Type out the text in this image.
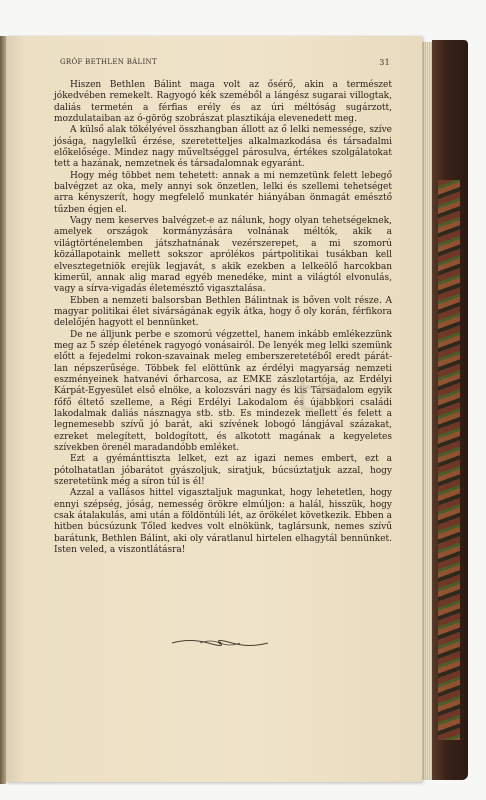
GRÓF BETHLEN BÁLINT	31

Hiszen Bethlen Bálint maga volt az ősérő, akin a természet jókedvében remekelt. Ragyogó kék szeméből a lángész sugarai villogtak, daliás termetén a férfias erély és az úri méltóság sugárzott, mozdulataiban az ó-görög szobrászat plasztikája elevenedett meg.

A külső alak tökélyével összhangban állott az ő lelki nemessége, szíve jósága, nagylelkű érzése, szeretetteljes alkalmazkodása és társadalmi előkelősége. Mindez nagy műveltséggel párosulva, értékes szolgálatokat tett a hazának, nemzetnek és társadalomnak egyaránt.

Hogy még többet nem tehetett: annak a mi nemzetünk felett lebegő balvégzet az oka, mely annyi sok önzetlen, lelki és szellemi tehetséget arra kényszerít, hogy megfelelő munkatér hiányában önmagát emésztő tűzben égjen el.

Vagy nem keserves balvégzet-e az nálunk, hogy olyan tehetségeknek, amelyek országok kormányzására volnának méltók, akik a világtörténelemben játszhatnának vezérszerepet, a mi szomorú közállapotaink mellett sokszor aprólékos pártpolitikai tusákban kell elvesztegetniök erejük legjavát, s akik ezekben a lelkeölő harcokban kimerül, annak alig marad egyéb menedéke, mint a világtól elvonulás, vagy a sírva-vigadás életemésztő vigasztalása.

Ebben a nemzeti balsorsban Bethlen Bálintnak is bőven volt része. A magyar politikai élet sivárságának egyik átka, hogy ő oly korán, férfikora delelőjén hagyott el bennünket.

De ne álljunk perbe e szomorú végzettel, hanem inkább emlékezzünk meg az 5 szép életének ragyogó vonásairól. De lenyék meg lelki szemünk előtt a fejedelmi rokon-szavainak meleg emberszeretetéből eredt párátlan népszerűsége. Többek fel elöttünk az érdélyi magyarság nemzeti eszményeinek hatvanévi őrharcosa, az EMKE zászlotartója, az Erdélyi Kárpát-Egyesület első elnöke, a kolozsvári nagy és kis Társadalom egyik főfő éltető szelleme, a Régi Erdélyi Lakodalom és újabbkori családi lakodalmak daliás násznagya stb. stb. Es mindezek mellett és felett a legnemesebb szívű jó barát, aki szívének lobogó lángjával százakat, ezreket melegített, boldogított, és alkotott magának a kegyeletes szívekben örenél maradandóbb emléket.

Ezt a gyémánttiszta lelket, ezt az igazi nemes embert, ezt a pótolhatatlan jóbarátot gyászoljuk, siratjuk, búcsúztatjuk azzal, hogy szeretetünk még a síron túl is él!

Azzal a vallásos hittel vigasztaljuk magunkat, hogy lehetetlen, hogy ennyi szépség, jóság, nemesség örökre elmúljon: a halál, hisszük, hogy csak átalakulás, ami után a földöntúli lét, az örökélet következik. Ebben a hitben búcsúzunk Tőled kedves volt elnökünk, taglársunk, nemes szívű barátunk, Bethlen Bálint, aki oly váratlanul hirtelen elhagytál bennünket. Isten veled, a viszontlátásra!

th
